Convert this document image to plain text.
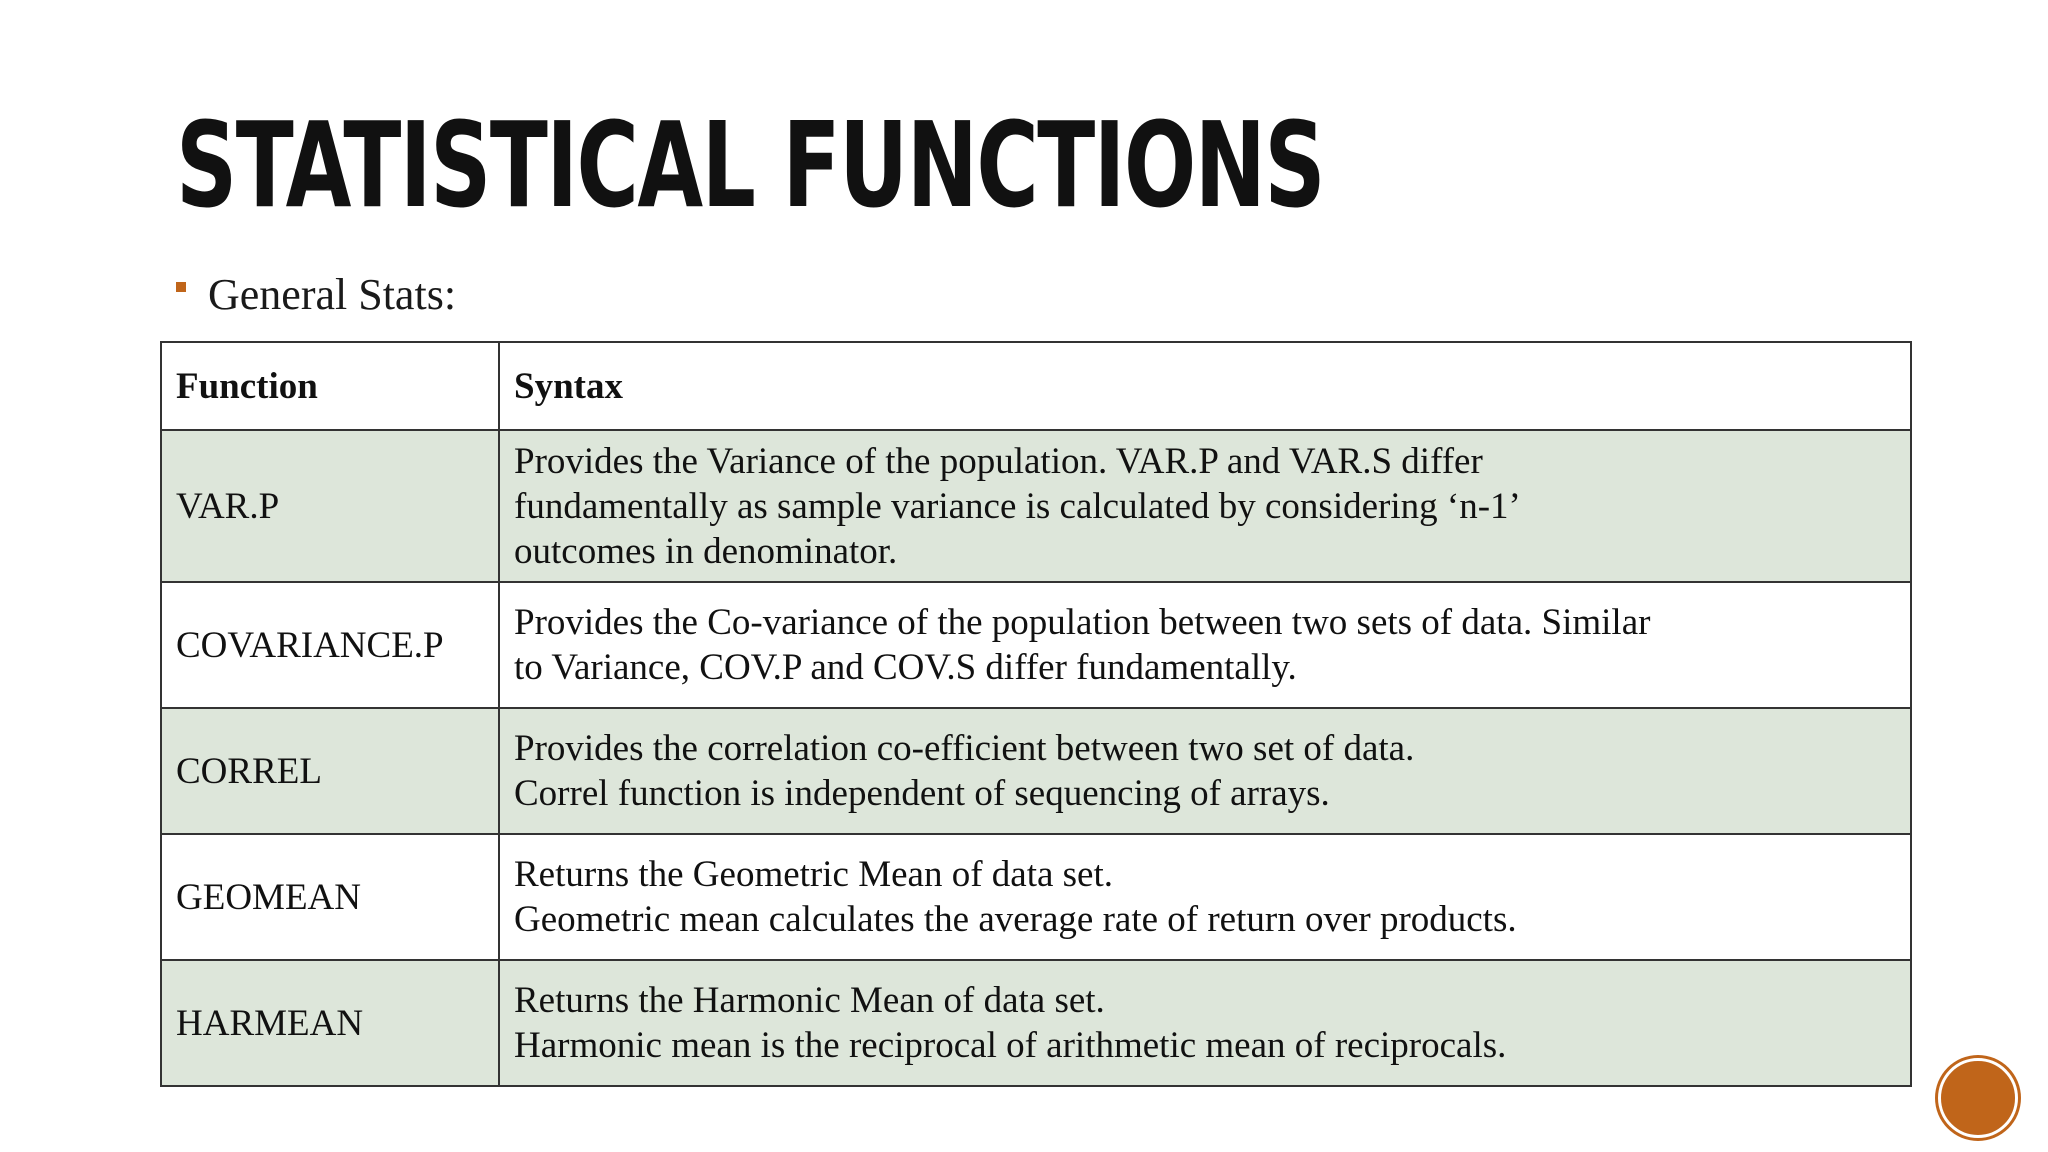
STATISTICAL FUNCTIONS
General Stats:
Function	Syntax
VAR.P	Provides the Variance of the population. VAR.P and VAR.S differ
fundamentally as sample variance is calculated by considering ‘n-1’
outcomes in denominator.

COVARIANCE.P	Provides the Co-variance of the population between two sets of data. Similar
to Variance, COV.P and COV.S differ fundamentally.

CORREL	Provides the correlation co-efficient between two set of data.
Correl function is independent of sequencing of arrays.

GEOMEAN	Returns the Geometric Mean of data set.
Geometric mean calculates the average rate of return over products.

HARMEAN	Returns the Harmonic Mean of data set.
Harmonic mean is the reciprocal of arithmetic mean of reciprocals.
